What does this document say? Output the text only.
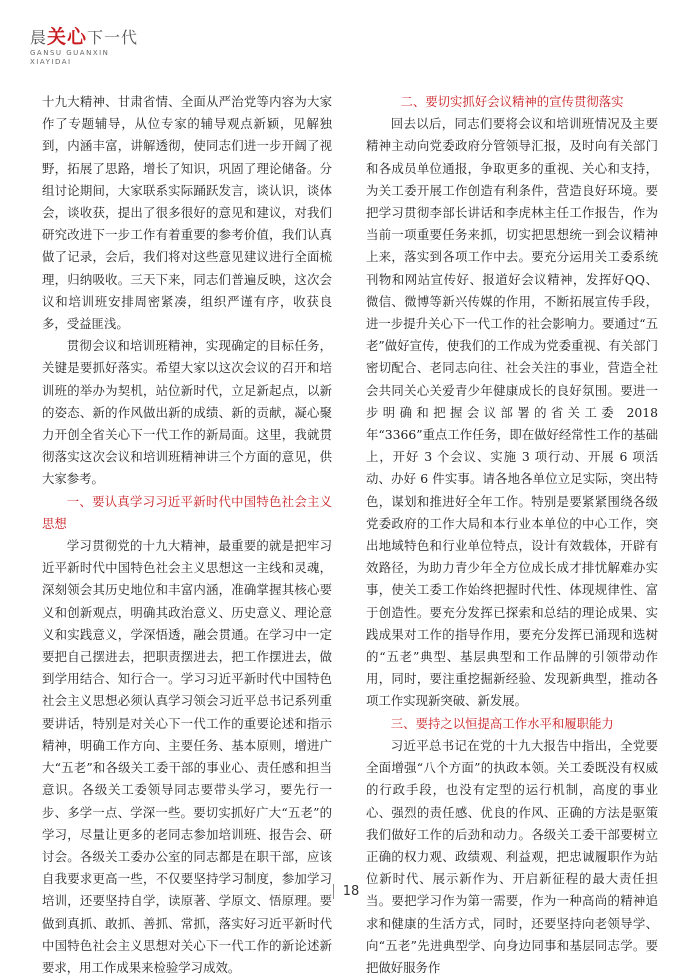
晨关心下一代
GANSU GUANXIN
XIAYIDAI

十九大精神、甘肃省情、全面从严治党等内容为大家作了专题辅导，从位专家的辅导观点新颖，见解独到，内涵丰富，讲解透彻，使同志们进一步开阔了视野，拓展了思路，增长了知识，巩固了理论储备。分组讨论期间，大家联系实际踊跃发言，谈认识，谈体会，谈收获，提出了很多很好的意见和建议，对我们研究改进下一步工作有着重要的参考价值，我们认真做了记录，会后，我们将对这些意见建议进行全面梳理，归纳吸收。三天下来，同志们普遍反映，这次会议和培训班安排周密紧凑，组织严谨有序，收获良多，受益匪浅。

贯彻会议和培训班精神，实现确定的目标任务，关键是要抓好落实。希望大家以这次会议的召开和培训班的举办为契机，站位新时代，立足新起点，以新的姿态、新的作风做出新的成绩、新的贡献，凝心聚力开创全省关心下一代工作的新局面。这里，我就贯彻落实这次会议和培训班精神讲三个方面的意见，供大家参考。

一、要认真学习习近平新时代中国特色社会主义思想

学习贯彻党的十九大精神，最重要的就是把牢习近平新时代中国特色社会主义思想这一主线和灵魂，深刻领会其历史地位和丰富内涵，准确掌握其核心要义和创新观点，明确其政治意义、历史意义、理论意义和实践意义，学深悟透，融会贯通。在学习中一定要把自己摆进去，把职责摆进去，把工作摆进去，做到学用结合、知行合一。学习习近平新时代中国特色社会主义思想必须认真学习领会习近平总书记系列重要讲话，特别是对关心下一代工作的重要论述和指示精神，明确工作方向、主要任务、基本原则，增进广大“五老”和各级关工委干部的事业心、责任感和担当意识。各级关工委领导同志要带头学习，要先行一步、多学一点、学深一些。要切实抓好广大“五老”的学习，尽量让更多的老同志参加培训班、报告会、研讨会。各级关工委办公室的同志都是在职干部，应该自我要求更高一些，不仅要坚持学习制度，参加学习培训，还要坚持自学，读原著、学原文、悟原理。要做到真抓、敢抓、善抓、常抓，落实好习近平新时代中国特色社会主义思想对关心下一代工作的新论述新要求，用工作成果来检验学习成效。

二、要切实抓好会议精神的宣传贯彻落实

回去以后，同志们要将会议和培训班情况及主要精神主动向党委政府分管领导汇报，及时向有关部门和各成员单位通报，争取更多的重视、关心和支持，为关工委开展工作创造有利条件，营造良好环境。要把学习贯彻李部长讲话和李虎林主任工作报告，作为当前一项重要任务来抓，切实把思想统一到会议精神上来，落实到各项工作中去。要充分运用关工委系统刊物和网站宣传好、报道好会议精神，发挥好QQ、微信、微博等新兴传媒的作用，不断拓展宣传手段，进一步提升关心下一代工作的社会影响力。要通过“五老”做好宣传，使我们的工作成为党委重视、有关部门密切配合、老同志向往、社会关注的事业，营造全社会共同关心关爱青少年健康成长的良好氛围。要进一步明确和把握会议部署的省关工委 2018 年“3366”重点工作任务，即在做好经常性工作的基础上，开好 3 个会议、实施 3 项行动、开展 6 项活动、办好 6 件实事。请各地各单位立足实际，突出特色，谋划和推进好全年工作。特别是要紧紧围绕各级党委政府的工作大局和本行业本单位的中心工作，突出地域特色和行业单位特点，设计有效载体，开辟有效路径，为助力青少年全方位成长成才排忧解难办实事，使关工委工作始终把握时代性、体现规律性、富于创造性。要充分发挥已探索和总结的理论成果、实践成果对工作的指导作用，要充分发挥已涌现和选树的“五老”典型、基层典型和工作品牌的引领带动作用，同时，要注重挖掘新经验、发现新典型，推动各项工作实现新突破、新发展。

三、要持之以恒提高工作水平和履职能力

习近平总书记在党的十九大报告中指出，全党要全面增强“八个方面”的执政本领。关工委既没有权威的行政手段，也没有定型的运行机制，高度的事业心、强烈的责任感、优良的作风、正确的方法是驱策我们做好工作的后劲和动力。各级关工委干部要树立正确的权力观、政绩观、利益观，把忠诚履职作为站位新时代、展示新作为、开启新征程的最大责任担当。要把学习作为第一需要，作为一种高尚的精神追求和健康的生活方式，同时，还要坚持向老领导学、向“五老”先进典型学、向身边同事和基层同志学。要把做好服务作

18
